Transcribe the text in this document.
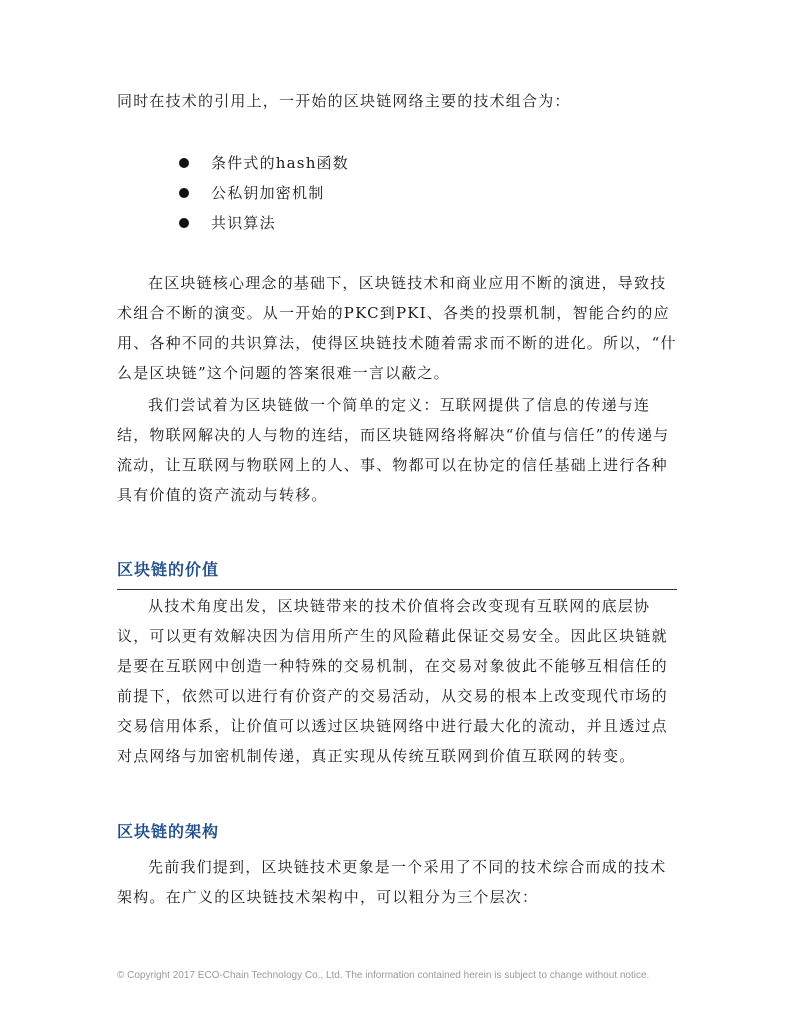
同时在技术的引用上，一开始的区块链网络主要的技术组合为：

条件式的hash函数
公私钥加密机制
共识算法

在区块链核心理念的基础下，区块链技术和商业应用不断的演进，导致技术组合不断的演变。从一开始的PKC到PKI、各类的投票机制，智能合约的应用、各种不同的共识算法，使得区块链技术随着需求而不断的进化。所以，“什么是区块链”这个问题的答案很难一言以蔽之。

我们尝试着为区块链做一个简单的定义：互联网提供了信息的传递与连结，物联网解决的人与物的连结，而区块链网络将解决“价值与信任”的传递与流动，让互联网与物联网上的人、事、物都可以在协定的信任基础上进行各种具有价值的资产流动与转移。

区块链的价值

从技术角度出发，区块链带来的技术价值将会改变现有互联网的底层协议，可以更有效解决因为信用所产生的风险藉此保证交易安全。因此区块链就是要在互联网中创造一种特殊的交易机制，在交易对象彼此不能够互相信任的前提下，依然可以进行有价资产的交易活动，从交易的根本上改变现代市场的交易信用体系，让价值可以透过区块链网络中进行最大化的流动，并且透过点对点网络与加密机制传递，真正实现从传统互联网到价值互联网的转变。

区块链的架构

先前我们提到，区块链技术更象是一个采用了不同的技术综合而成的技术架构。在广义的区块链技术架构中，可以粗分为三个层次：

© Copyright 2017 ECO-Chain Technology Co., Ltd. The information contained herein is subject to change without notice.
